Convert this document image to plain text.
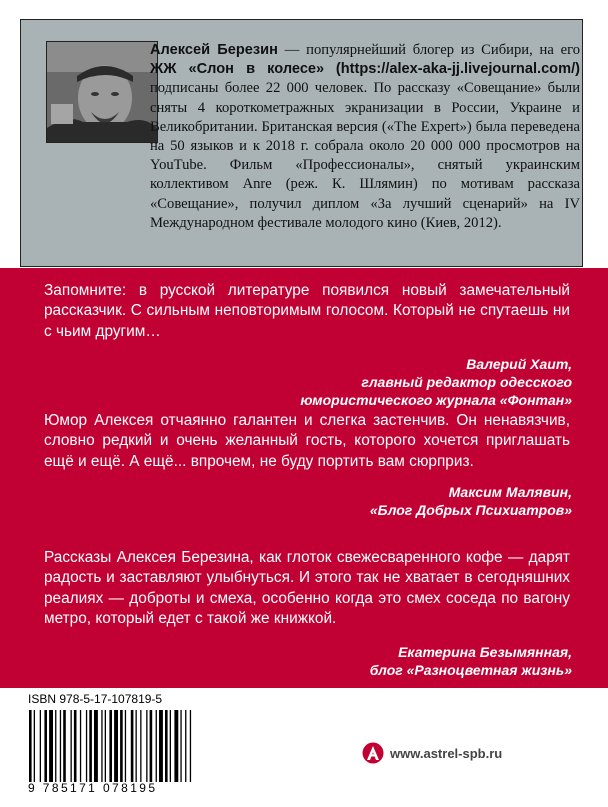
Алексей Березин — популярнейший блогер из Сибири, на его ЖЖ «Слон в колесе» (https://alex-aka-jj.livejournal.com/) подписаны более 22 000 человек. По рассказу «Совещание» были сняты 4 короткометражных экранизации в России, Украине и Великобритании. Британская версия («The Expert») была переведена на 50 языков и к 2018 г. собрала около 20 000 000 просмотров на YouTube. Фильм «Профессионалы», снятый украинским коллективом Anre (реж. К. Шлямин) по мотивам рассказа «Совещание», получил диплом «За лучший сценарий» на IV Международном фестивале молодого кино (Киев, 2012).
Запомните: в русской литературе появился новый замечательный рассказчик. С сильным неповторимым голосом. Который не спутаешь ни с чьим другим…
Валерий Хаит,
главный редактор одесского
юмористического журнала «Фонтан»
Юмор Алексея отчаянно галантен и слегка застенчив. Он ненавязчив, словно редкий и очень желанный гость, которого хочется приглашать ещё и ещё. А ещё... впрочем, не буду портить вам сюрприз.
Максим Малявин,
«Блог Добрых Психиатров»
Рассказы Алексея Березина, как глоток свежесваренного кофе — дарят радость и заставляют улыбнуться. И этого так не хватает в сегодняшних реалиях — доброты и смеха, особенно когда это смех соседа по вагону метро, который едет с такой же книжкой.
Екатерина Безымянная,
блог «Разноцветная жизнь»
ISBN 978-5-17-107819-5
9 785171 078195
www.astrel-spb.ru
